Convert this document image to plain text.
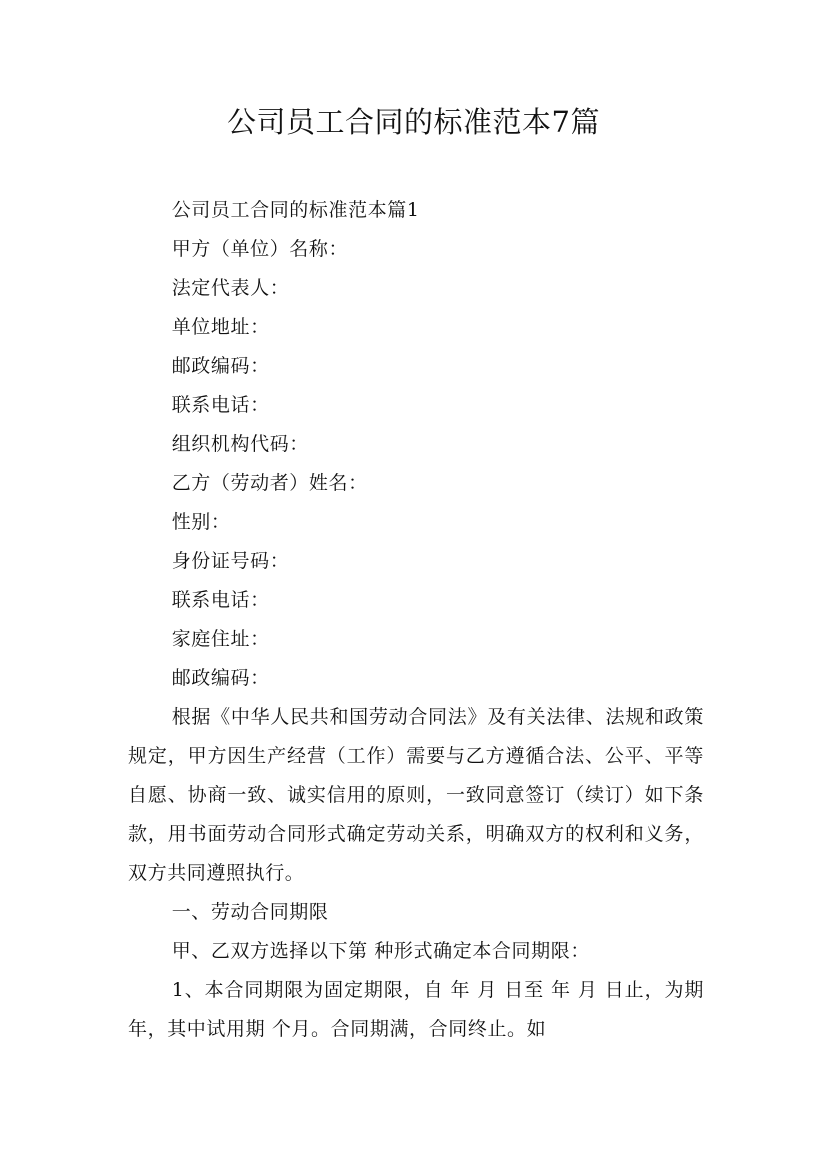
公司员工合同的标准范本7篇

公司员工合同的标准范本篇1

甲方（单位）名称：

法定代表人：

单位地址：

邮政编码：

联系电话：

组织机构代码：

乙方（劳动者）姓名：

性别：

身份证号码：

联系电话：

家庭住址：

邮政编码：

根据《中华人民共和国劳动合同法》及有关法律、法规和政策规定，甲方因生产经营（工作）需要与乙方遵循合法、公平、平等自愿、协商一致、诚实信用的原则，一致同意签订（续订）如下条款，用书面劳动合同形式确定劳动关系，明确双方的权利和义务，双方共同遵照执行。

一、劳动合同期限

甲、乙双方选择以下第 种形式确定本合同期限：

1、本合同期限为固定期限，自 年 月 日至 年 月 日止，为期 年，其中试用期 个月。合同期满，合同终止。如
